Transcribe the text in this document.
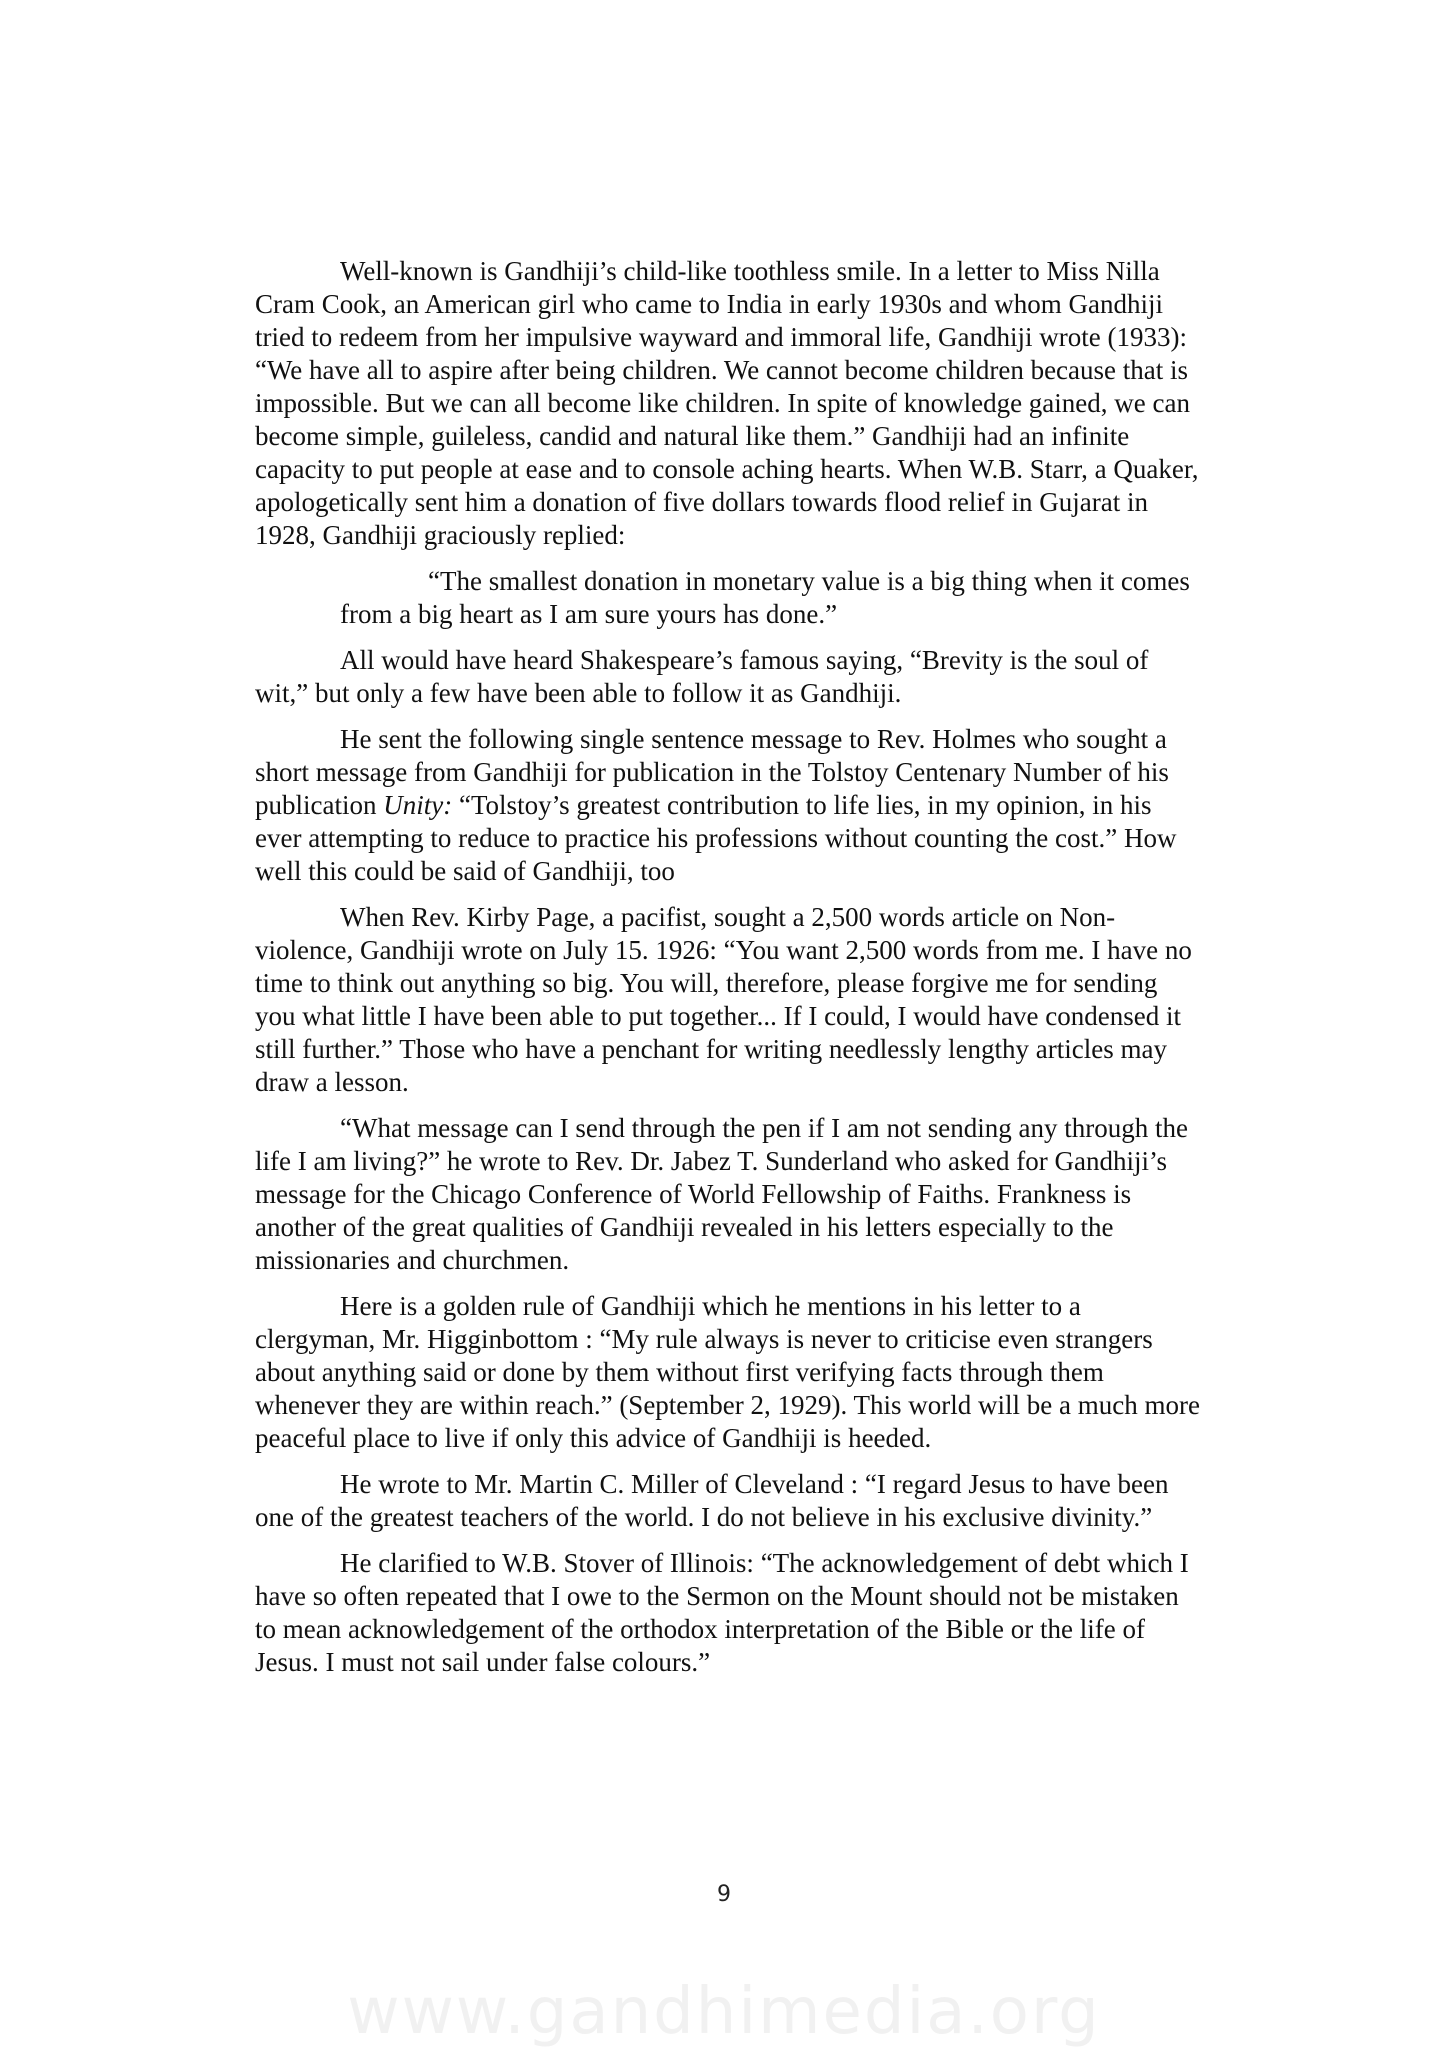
Well-known is Gandhiji’s child-like toothless smile. In a letter to Miss Nilla Cram Cook, an American girl who came to India in early 1930s and whom Gandhiji tried to redeem from her impulsive wayward and immoral life, Gandhiji wrote (1933): “We have all to aspire after being children. We cannot become children because that is impossible. But we can all become like children. In spite of knowledge gained, we can become simple, guileless, candid and natural like them.” Gandhiji had an infinite capacity to put people at ease and to console aching hearts. When W.B. Starr, a Quaker, apologetically sent him a donation of five dollars towards flood relief in Gujarat in 1928, Gandhiji graciously replied:

“The smallest donation in monetary value is a big thing when it comes from a big heart as I am sure yours has done.”

All would have heard Shakespeare’s famous saying, “Brevity is the soul of wit,” but only a few have been able to follow it as Gandhiji.

He sent the following single sentence message to Rev. Holmes who sought a short message from Gandhiji for publication in the Tolstoy Centenary Number of his publication Unity: “Tolstoy’s greatest contribution to life lies, in my opinion, in his ever attempting to reduce to practice his professions without counting the cost.” How well this could be said of Gandhiji, too

When Rev. Kirby Page, a pacifist, sought a 2,500 words article on Non-violence, Gandhiji wrote on July 15. 1926: “You want 2,500 words from me. I have no time to think out anything so big. You will, therefore, please forgive me for sending you what little I have been able to put together... If I could, I would have condensed it still further.” Those who have a penchant for writing needlessly lengthy articles may draw a lesson.

“What message can I send through the pen if I am not sending any through the life I am living?” he wrote to Rev. Dr. Jabez T. Sunderland who asked for Gandhiji’s message for the Chicago Conference of World Fellowship of Faiths. Frankness is another of the great qualities of Gandhiji revealed in his letters especially to the missionaries and churchmen.

Here is a golden rule of Gandhiji which he mentions in his letter to a clergyman, Mr. Higginbottom : “My rule always is never to criticise even strangers about anything said or done by them without first verifying facts through them whenever they are within reach.” (September 2, 1929). This world will be a much more peaceful place to live if only this advice of Gandhiji is heeded.

He wrote to Mr. Martin C. Miller of Cleveland : “I regard Jesus to have been one of the greatest teachers of the world. I do not believe in his exclusive divinity.”

He clarified to W.B. Stover of Illinois: “The acknowledgement of debt which I have so often repeated that I owe to the Sermon on the Mount should not be mistaken to mean acknowledgement of the orthodox interpretation of the Bible or the life of Jesus. I must not sail under false colours.”

9
www.gandhimedia.org
